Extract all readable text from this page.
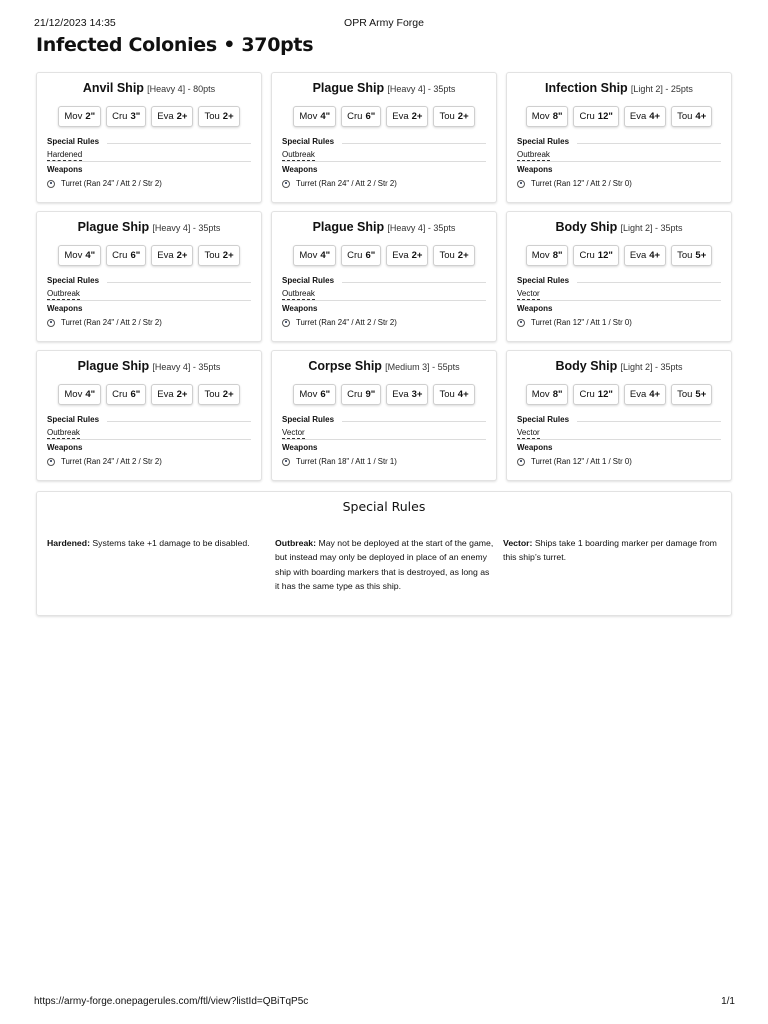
21/12/2023 14:35	OPR Army Forge
Infected Colonies • 370pts
Anvil Ship [Heavy 4] - 80pts
Mov 2"	Cru 3"	Eva 2+	Tou 2+
Special Rules
Hardened
Weapons
Turret (Ran 24" / Att 2 / Str 2)
Plague Ship [Heavy 4] - 35pts
Mov 4"	Cru 6"	Eva 2+	Tou 2+
Special Rules
Outbreak
Weapons
Turret (Ran 24" / Att 2 / Str 2)
Infection Ship [Light 2] - 25pts
Mov 8"	Cru 12"	Eva 4+	Tou 4+
Special Rules
Outbreak
Weapons
Turret (Ran 12" / Att 2 / Str 0)
Plague Ship [Heavy 4] - 35pts
Mov 4"	Cru 6"	Eva 2+	Tou 2+
Special Rules
Outbreak
Weapons
Turret (Ran 24" / Att 2 / Str 2)
Plague Ship [Heavy 4] - 35pts
Mov 4"	Cru 6"	Eva 2+	Tou 2+
Special Rules
Outbreak
Weapons
Turret (Ran 24" / Att 2 / Str 2)
Body Ship [Light 2] - 35pts
Mov 8"	Cru 12"	Eva 4+	Tou 5+
Special Rules
Vector
Weapons
Turret (Ran 12" / Att 1 / Str 0)
Plague Ship [Heavy 4] - 35pts
Mov 4"	Cru 6"	Eva 2+	Tou 2+
Special Rules
Outbreak
Weapons
Turret (Ran 24" / Att 2 / Str 2)
Corpse Ship [Medium 3] - 55pts
Mov 6"	Cru 9"	Eva 3+	Tou 4+
Special Rules
Vector
Weapons
Turret (Ran 18" / Att 1 / Str 1)
Body Ship [Light 2] - 35pts
Mov 8"	Cru 12"	Eva 4+	Tou 5+
Special Rules
Vector
Weapons
Turret (Ran 12" / Att 1 / Str 0)
Special Rules
Hardened: Systems take +1 damage to be disabled.	Outbreak: May not be deployed at the start of the game, but instead may only be deployed in place of an enemy ship with boarding markers that is destroyed, as long as it has the same type as this ship.
Vector: Ships take 1 boarding marker per damage from this ship’s turret.
https://army-forge.onepagerules.com/ftl/view?listId=QBiTqP5c	1/1
